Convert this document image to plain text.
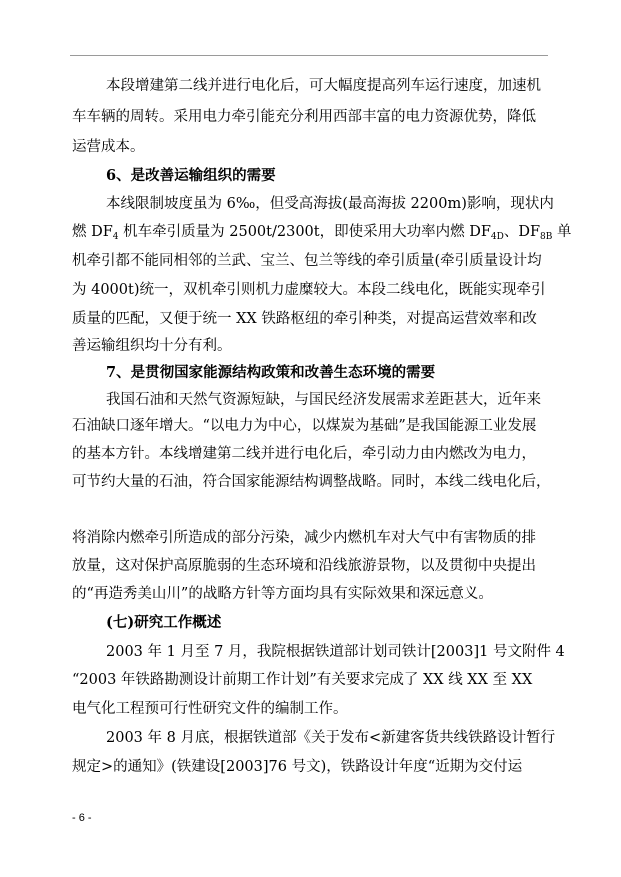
本段增建第二线并进行电化后，可大幅度提高列车运行速度，加速机
车车辆的周转。采用电力牵引能充分利用西部丰富的电力资源优势，降低
运营成本。
6、是改善运输组织的需要
本线限制坡度虽为 6‰，但受高海拔(最高海拔 2200m)影响，现状内
燃 $DF_4$ 机车牵引质量为 2500t/2300t，即使采用大功率内燃 $DF_{4D}$、$DF_{8B}$ 单
机牵引都不能同相邻的兰武、宝兰、包兰等线的牵引质量(牵引质量设计均
为 4000t)统一，双机牵引则机力虚糜较大。本段二线电化，既能实现牵引
质量的匹配，又便于统一 XX 铁路枢纽的牵引种类，对提高运营效率和改
善运输组织均十分有利。
7、是贯彻国家能源结构政策和改善生态环境的需要
我国石油和天然气资源短缺，与国民经济发展需求差距甚大，近年来
石油缺口逐年增大。“以电力为中心，以煤炭为基础”是我国能源工业发展
的基本方针。本线增建第二线并进行电化后，牵引动力由内燃改为电力，
可节约大量的石油，符合国家能源结构调整战略。同时，本线二线电化后，
将消除内燃牵引所造成的部分污染，减少内燃机车对大气中有害物质的排
放量，这对保护高原脆弱的生态环境和沿线旅游景物，以及贯彻中央提出
的“再造秀美山川”的战略方针等方面均具有实际效果和深远意义。
(七)研究工作概述
2003 年 1 月至 7 月，我院根据铁道部计划司铁计[2003]1 号文附件 4
“2003 年铁路勘测设计前期工作计划”有关要求完成了 XX 线 XX 至 XX
电气化工程预可行性研究文件的编制工作。
2003 年 8 月底，根据铁道部《关于发布<新建客货共线铁路设计暂行
规定>的通知》(铁建设[2003]76 号文)，铁路设计年度“近期为交付运
- 6 -
